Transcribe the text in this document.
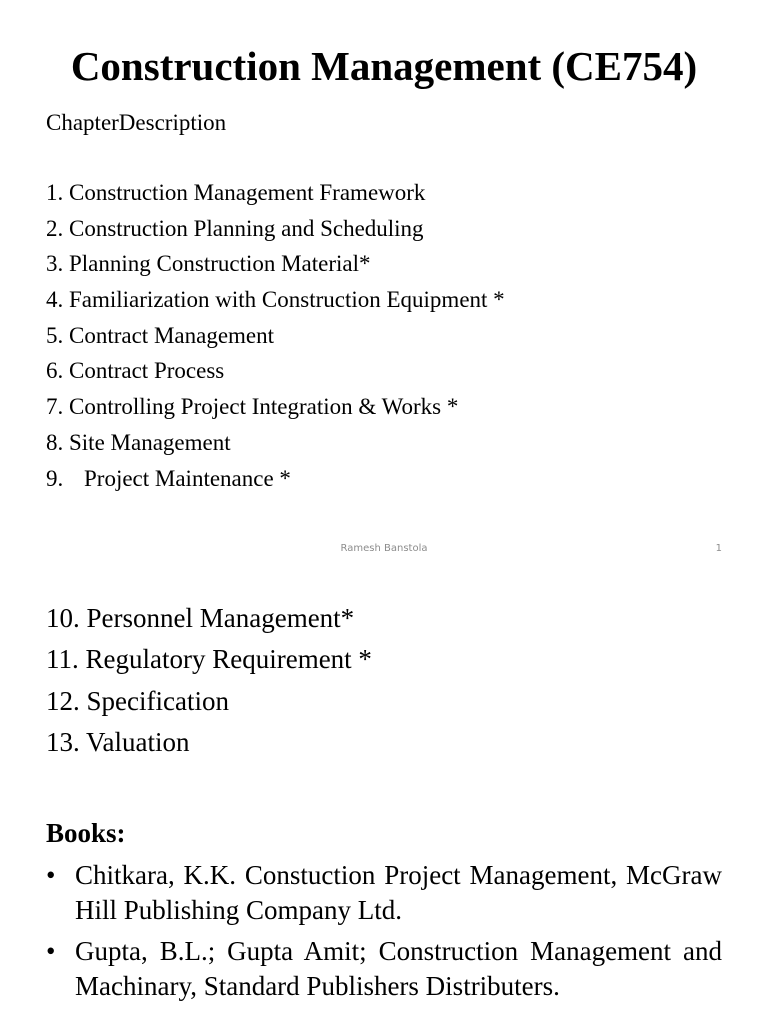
Construction Management (CE754)
ChapterDescription
1. Construction Management Framework
2. Construction Planning and Scheduling
3. Planning Construction Material*
4. Familiarization with Construction Equipment *
5. Contract Management
6. Contract Process
7. Controlling Project Integration & Works *
8. Site Management
9. Project Maintenance *
Ramesh Banstola	1
10. Personnel Management*
11. Regulatory Requirement *
12. Specification
13. Valuation
Books:
• Chitkara, K.K. Constuction Project Management, McGraw Hill Publishing Company Ltd.
• Gupta, B.L.; Gupta Amit; Construction Management and Machinary, Standard Publishers Distributers.
